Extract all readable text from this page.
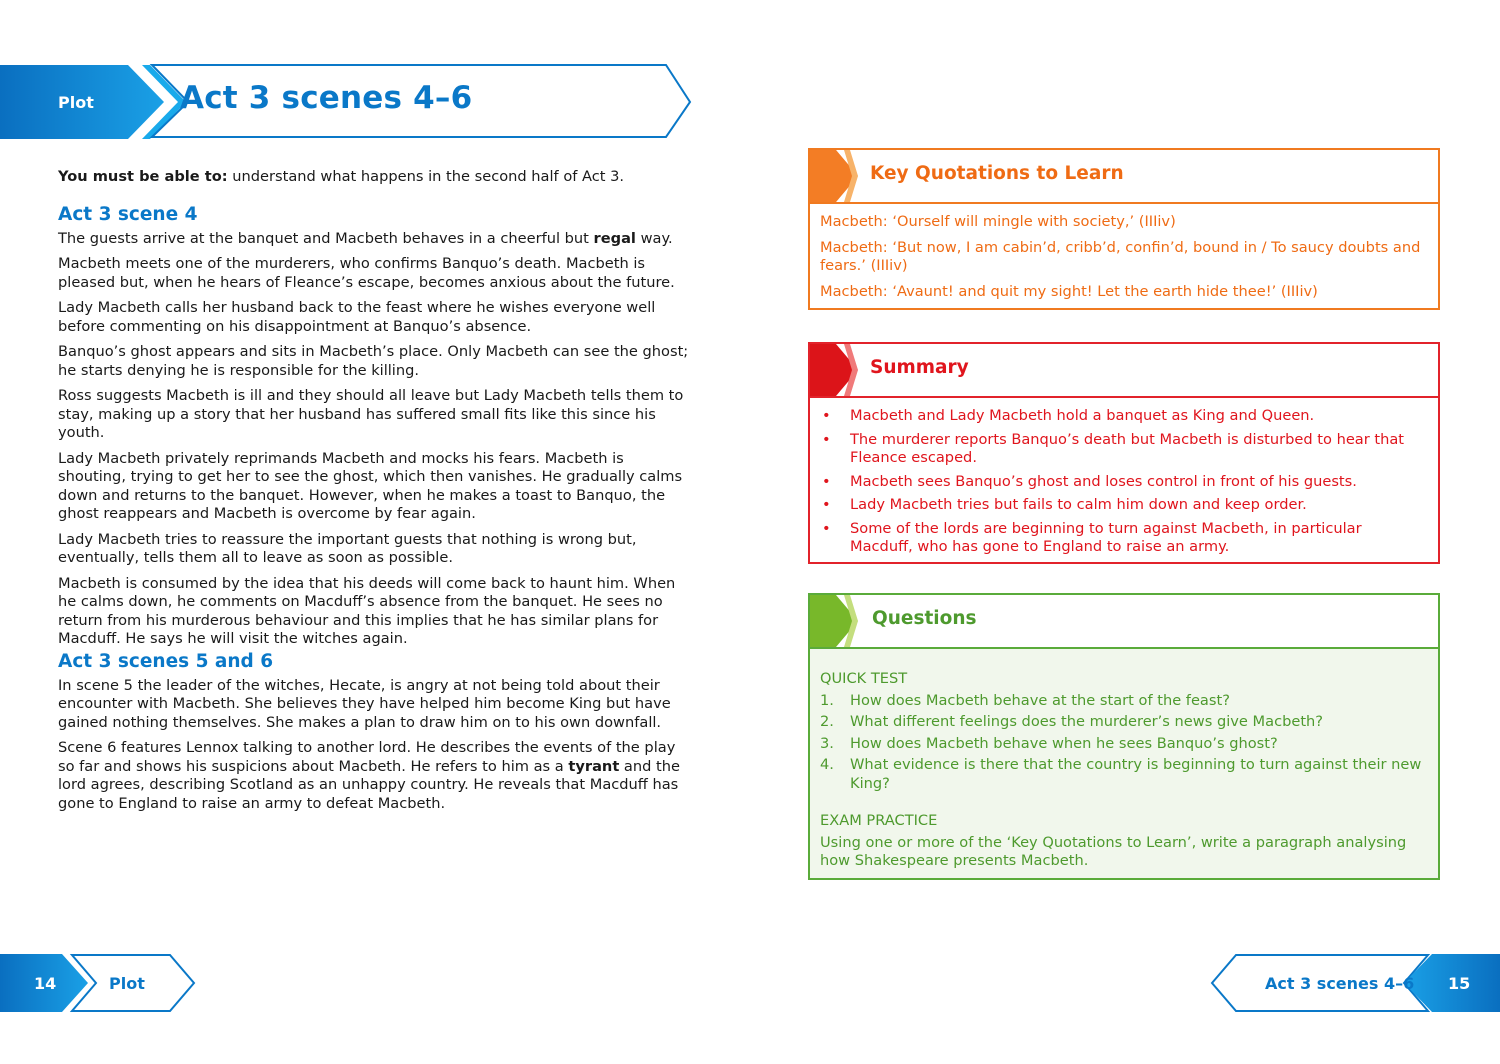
Plot	Act 3 scenes 4–6

You must be able to: understand what happens in the second half of Act 3.

Act 3 scene 4

The guests arrive at the banquet and Macbeth behaves in a cheerful but regal way.

Macbeth meets one of the murderers, who confirms Banquo’s death. Macbeth is pleased but, when he hears of Fleance’s escape, becomes anxious about the future.

Lady Macbeth calls her husband back to the feast where he wishes everyone well before commenting on his disappointment at Banquo’s absence.

Banquo’s ghost appears and sits in Macbeth’s place. Only Macbeth can see the ghost; he starts denying he is responsible for the killing.

Ross suggests Macbeth is ill and they should all leave but Lady Macbeth tells them to stay, making up a story that her husband has suffered small fits like this since his youth.

Lady Macbeth privately reprimands Macbeth and mocks his fears. Macbeth is shouting, trying to get her to see the ghost, which then vanishes. He gradually calms down and returns to the banquet. However, when he makes a toast to Banquo, the ghost reappears and Macbeth is overcome by fear again.

Lady Macbeth tries to reassure the important guests that nothing is wrong but, eventually, tells them all to leave as soon as possible.

Macbeth is consumed by the idea that his deeds will come back to haunt him. When he calms down, he comments on Macduff’s absence from the banquet. He sees no return from his murderous behaviour and this implies that he has similar plans for Macduff. He says he will visit the witches again.

Act 3 scenes 5 and 6

In scene 5 the leader of the witches, Hecate, is angry at not being told about their encounter with Macbeth. She believes they have helped him become King but have gained nothing themselves. She makes a plan to draw him on to his own downfall.

Scene 6 features Lennox talking to another lord. He describes the events of the play so far and shows his suspicions about Macbeth. He refers to him as a tyrant and the lord agrees, describing Scotland as an unhappy country. He reveals that Macduff has gone to England to raise an army to defeat Macbeth.

Key Quotations to Learn

Macbeth: ‘Ourself will mingle with society,’ (IIIiv)

Macbeth: ‘But now, I am cabin’d, cribb’d, confin’d, bound in / To saucy doubts and fears.’ (IIIiv)

Macbeth: ‘Avaunt! and quit my sight! Let the earth hide thee!’ (IIIiv)

Summary
• Macbeth and Lady Macbeth hold a banquet as King and Queen.
• The murderer reports Banquo’s death but Macbeth is disturbed to hear that Fleance escaped.
• Macbeth sees Banquo’s ghost and loses control in front of his guests.
• Lady Macbeth tries but fails to calm him down and keep order.
• Some of the lords are beginning to turn against Macbeth, in particular Macduff, who has gone to England to raise an army.
Questions

QUICK TEST

1. How does Macbeth behave at the start of the feast?
2. What different feelings does the murderer’s news give Macbeth?
3. How does Macbeth behave when he sees Banquo’s ghost?
4. What evidence is there that the country is beginning to turn against their new King?

EXAM PRACTICE

Using one or more of the ‘Key Quotations to Learn’, write a paragraph analysing how Shakespeare presents Macbeth.

14	Plot	Act 3 scenes 4–6 15
